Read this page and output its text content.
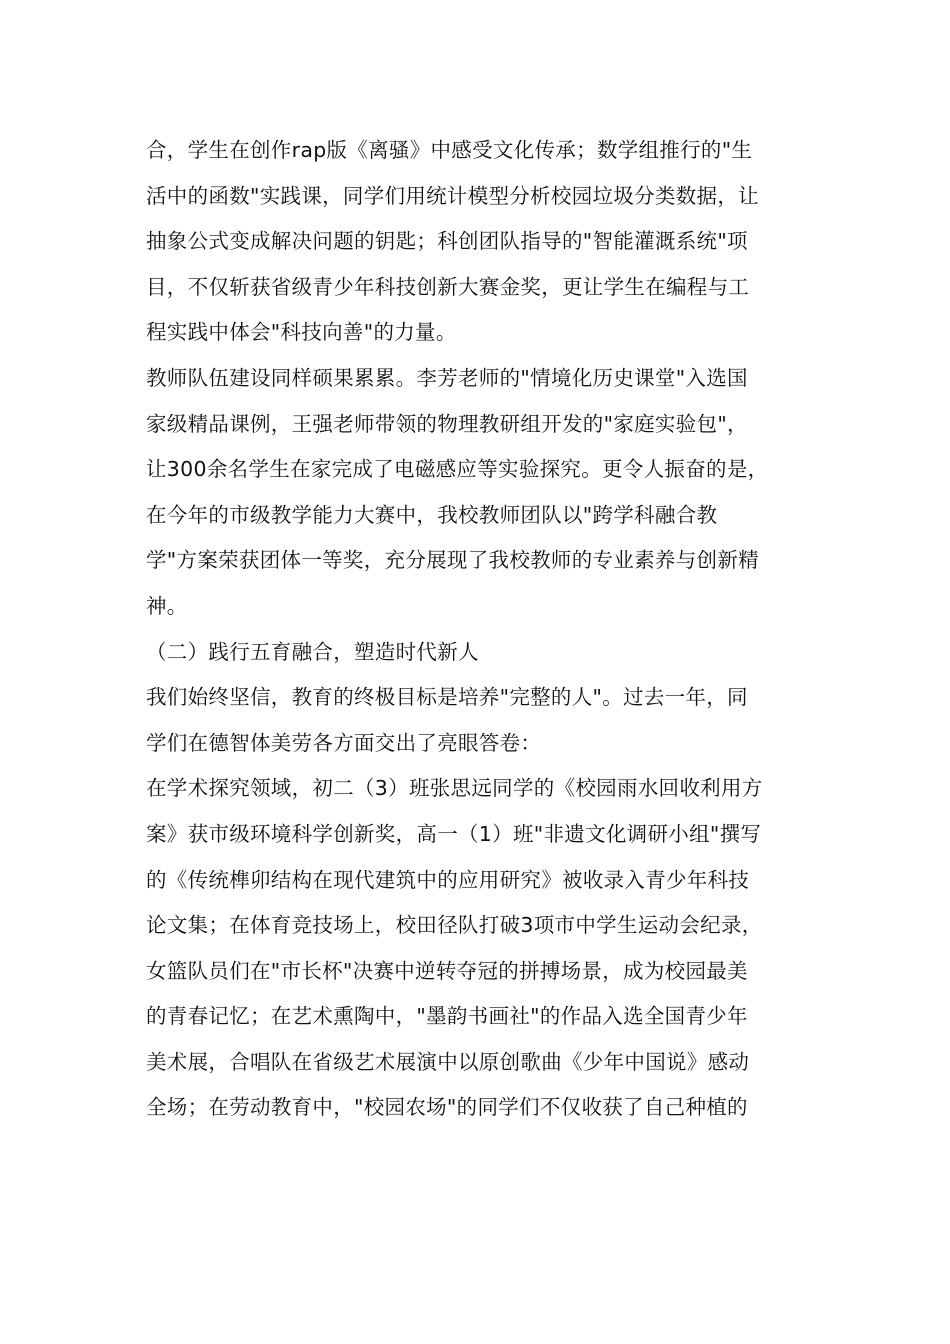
合，学生在创作rap版《离骚》中感受文化传承；数学组推行的"生
活中的函数"实践课，同学们用统计模型分析校园垃圾分类数据，让
抽象公式变成解决问题的钥匙；科创团队指导的"智能灌溉系统"项
目，不仅斩获省级青少年科技创新大赛金奖，更让学生在编程与工
程实践中体会"科技向善"的力量。

教师队伍建设同样硕果累累。李芳老师的"情境化历史课堂"入选国
家级精品课例，王强老师带领的物理教研组开发的"家庭实验包"，
让300余名学生在家完成了电磁感应等实验探究。更令人振奋的是，
在今年的市级教学能力大赛中，我校教师团队以"跨学科融合教
学"方案荣获团体一等奖，充分展现了我校教师的专业素养与创新精
神。

（二）践行五育融合，塑造时代新人

我们始终坚信，教育的终极目标是培养"完整的人"。过去一年，同
学们在德智体美劳各方面交出了亮眼答卷：

在学术探究领域，初二（3）班张思远同学的《校园雨水回收利用方
案》获市级环境科学创新奖，高一（1）班"非遗文化调研小组"撰写
的《传统榫卯结构在现代建筑中的应用研究》被收录入青少年科技
论文集；在体育竞技场上，校田径队打破3项市中学生运动会纪录，
女篮队员们在"市长杯"决赛中逆转夺冠的拼搏场景，成为校园最美
的青春记忆；在艺术熏陶中，"墨韵书画社"的作品入选全国青少年
美术展，合唱队在省级艺术展演中以原创歌曲《少年中国说》感动
全场；在劳动教育中，"校园农场"的同学们不仅收获了自己种植的
